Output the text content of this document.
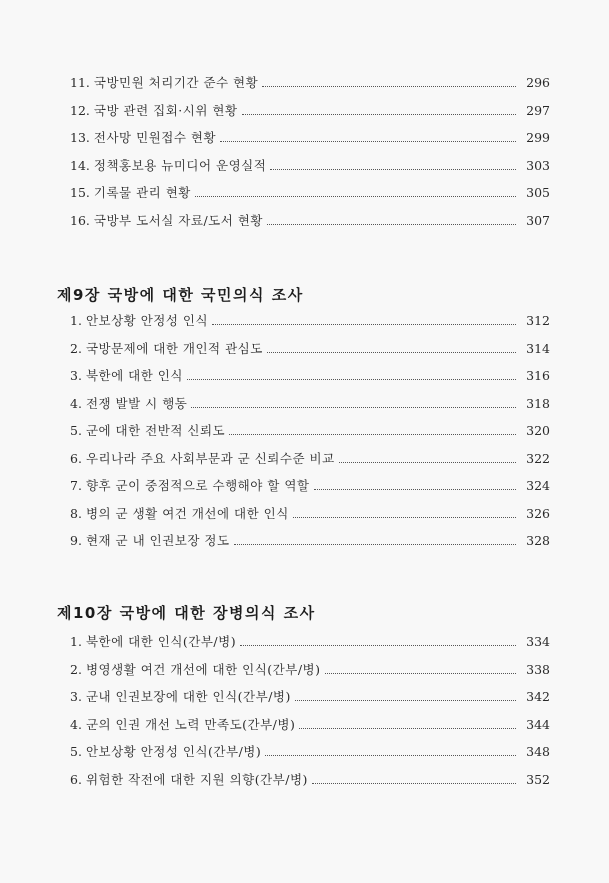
11. 국방민원 처리기간 준수 현황	296
12. 국방 관련 집회·시위 현황	297
13. 전사망 민원접수 현황	299
14. 정책홍보용 뉴미디어 운영실적	303
15. 기록물 관리 현황	305
16. 국방부 도서실 자료/도서 현황	307
제9장 국방에 대한 국민의식 조사
1. 안보상황 안정성 인식	312
2. 국방문제에 대한 개인적 관심도	314
3. 북한에 대한 인식	316
4. 전쟁 발발 시 행동	318
5. 군에 대한 전반적 신뢰도	320
6. 우리나라 주요 사회부문과 군 신뢰수준 비교	322
7. 향후 군이 중점적으로 수행해야 할 역할	324
8. 병의 군 생활 여건 개선에 대한 인식	326
9. 현재 군 내 인권보장 정도	328
제10장 국방에 대한 장병의식 조사
1. 북한에 대한 인식(간부/병)	334
2. 병영생활 여건 개선에 대한 인식(간부/병)	338
3. 군내 인권보장에 대한 인식(간부/병)	342
4. 군의 인권 개선 노력 만족도(간부/병)	344
5. 안보상황 안정성 인식(간부/병)	348
6. 위험한 작전에 대한 지원 의향(간부/병)	352
